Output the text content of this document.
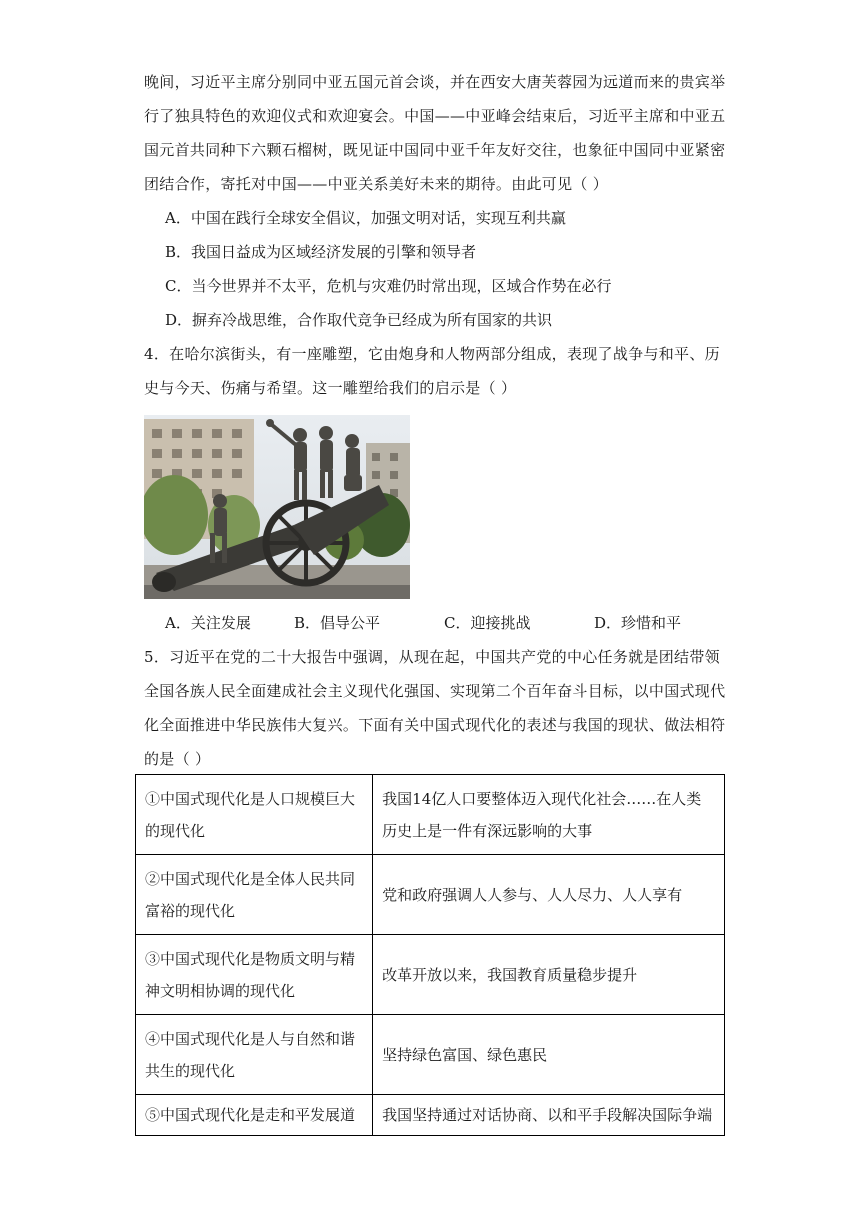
晚间，习近平主席分别同中亚五国元首会谈，并在西安大唐芙蓉园为远道而来的贵宾举
行了独具特色的欢迎仪式和欢迎宴会。中国——中亚峰会结束后，习近平主席和中亚五
国元首共同种下六颗石榴树，既见证中国同中亚千年友好交往，也象征中国同中亚紧密
团结合作，寄托对中国——中亚关系美好未来的期待。由此可见（ ）
A．中国在践行全球安全倡议，加强文明对话，实现互利共赢
B．我国日益成为区域经济发展的引擎和领导者
C．当今世界并不太平，危机与灾难仍时常出现，区域合作势在必行
D．摒弃冷战思维，合作取代竞争已经成为所有国家的共识
4．在哈尔滨街头，有一座雕塑，它由炮身和人物两部分组成，表现了战争与和平、历
史与今天、伤痛与希望。这一雕塑给我们的启示是（ ）
A．关注发展	B．倡导公平	C．迎接挑战	D．珍惜和平
5．习近平在党的二十大报告中强调，从现在起，中国共产党的中心任务就是团结带领
全国各族人民全面建成社会主义现代化强国、实现第二个百年奋斗目标，以中国式现代
化全面推进中华民族伟大复兴。下面有关中国式现代化的表述与我国的现状、做法相符
的是（ ）
①中国式现代化是人口规模巨大
的现代化	我国14亿人口要整体迈入现代化社会……在人类
历史上是一件有深远影响的大事
②中国式现代化是全体人民共同
富裕的现代化	党和政府强调人人参与、人人尽力、人人享有
③中国式现代化是物质文明与精
神文明相协调的现代化	改革开放以来，我国教育质量稳步提升
④中国式现代化是人与自然和谐
共生的现代化	坚持绿色富国、绿色惠民
⑤中国式现代化是走和平发展道	我国坚持通过对话协商、以和平手段解决国际争端
